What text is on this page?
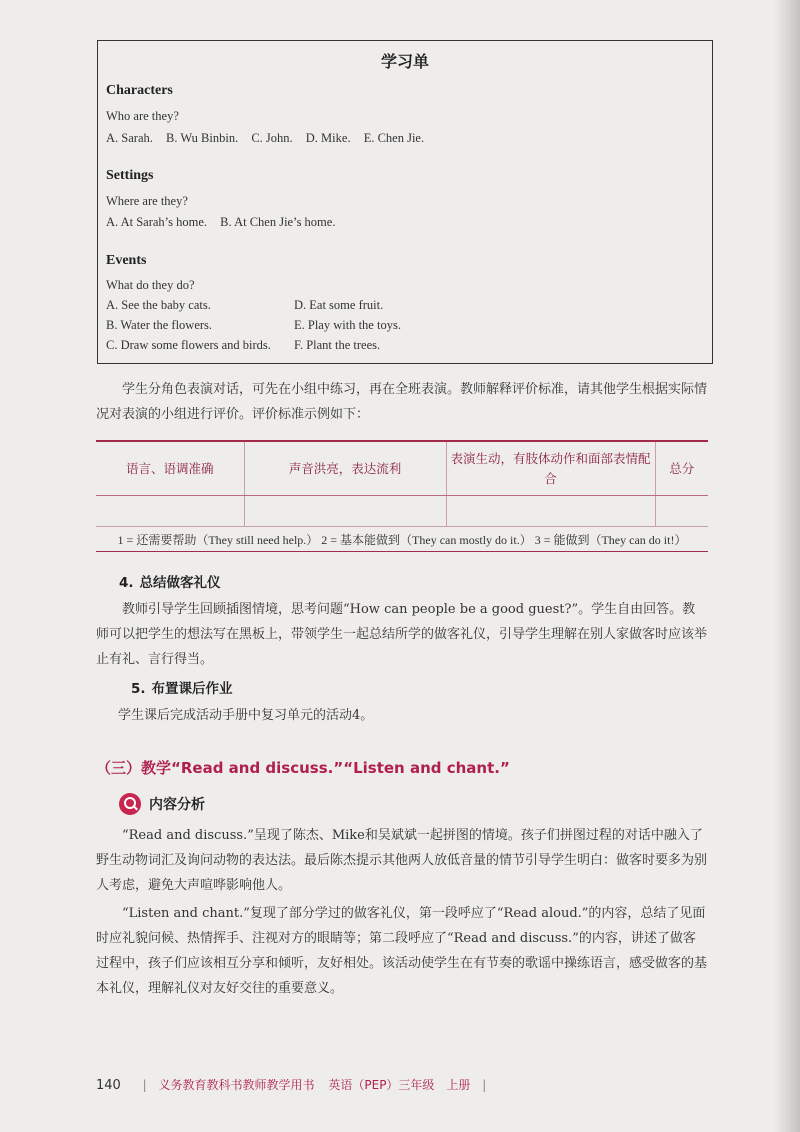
学习单
Characters
Who are they?
A. Sarah. B. Wu Binbin. C. John. D. Mike. E. Chen Jie.
Settings
Where are they?
A. At Sarah’s home. B. At Chen Jie’s home.
Events
What do they do?
A. See the baby cats.
B. Water the flowers.
C. Draw some flowers and birds.
D. Eat some fruit.
E. Play with the toys.
F. Plant the trees.
学生分角色表演对话，可先在小组中练习，再在全班表演。教师解释评价标准，请其他学生根据实际情况对表演的小组进行评价。评价标准示例如下：
语言、语调准确	声音洪亮，表达流利	表演生动，有肢体动作和面部表情配合	总分

1 = 还需要帮助（They still need help.） 2 = 基本能做到（They can mostly do it.） 3 = 能做到（They can do it!）
4. 总结做客礼仪
教师引导学生回顾插图情境，思考问题“How can people be a good guest?”。学生自由回答。教师可以把学生的想法写在黑板上，带领学生一起总结所学的做客礼仪，引导学生理解在别人家做客时应该举止有礼、言行得当。
5. 布置课后作业
学生课后完成活动手册中复习单元的活动4。
（三）教学“Read and discuss.”“Listen and chant.”
内容分析
“Read and discuss.”呈现了陈杰、Mike和吴斌斌一起拼图的情境。孩子们拼图过程的对话中融入了野生动物词汇及询问动物的表达法。最后陈杰提示其他两人放低音量的情节引导学生明白：做客时要多为别人考虑，避免大声喧哗影响他人。
“Listen and chant.”复现了部分学过的做客礼仪，第一段呼应了“Read aloud.”的内容，总结了见面时应礼貌问候、热情挥手、注视对方的眼睛等；第二段呼应了“Read and discuss.”的内容，讲述了做客过程中，孩子们应该相互分享和倾听，友好相处。该活动使学生在有节奏的歌谣中操练语言，感受做客的基本礼仪，理解礼仪对友好交往的重要意义。
140 | 义务教育教科书教师教学用书 英语（PEP）三年级　上册 |
